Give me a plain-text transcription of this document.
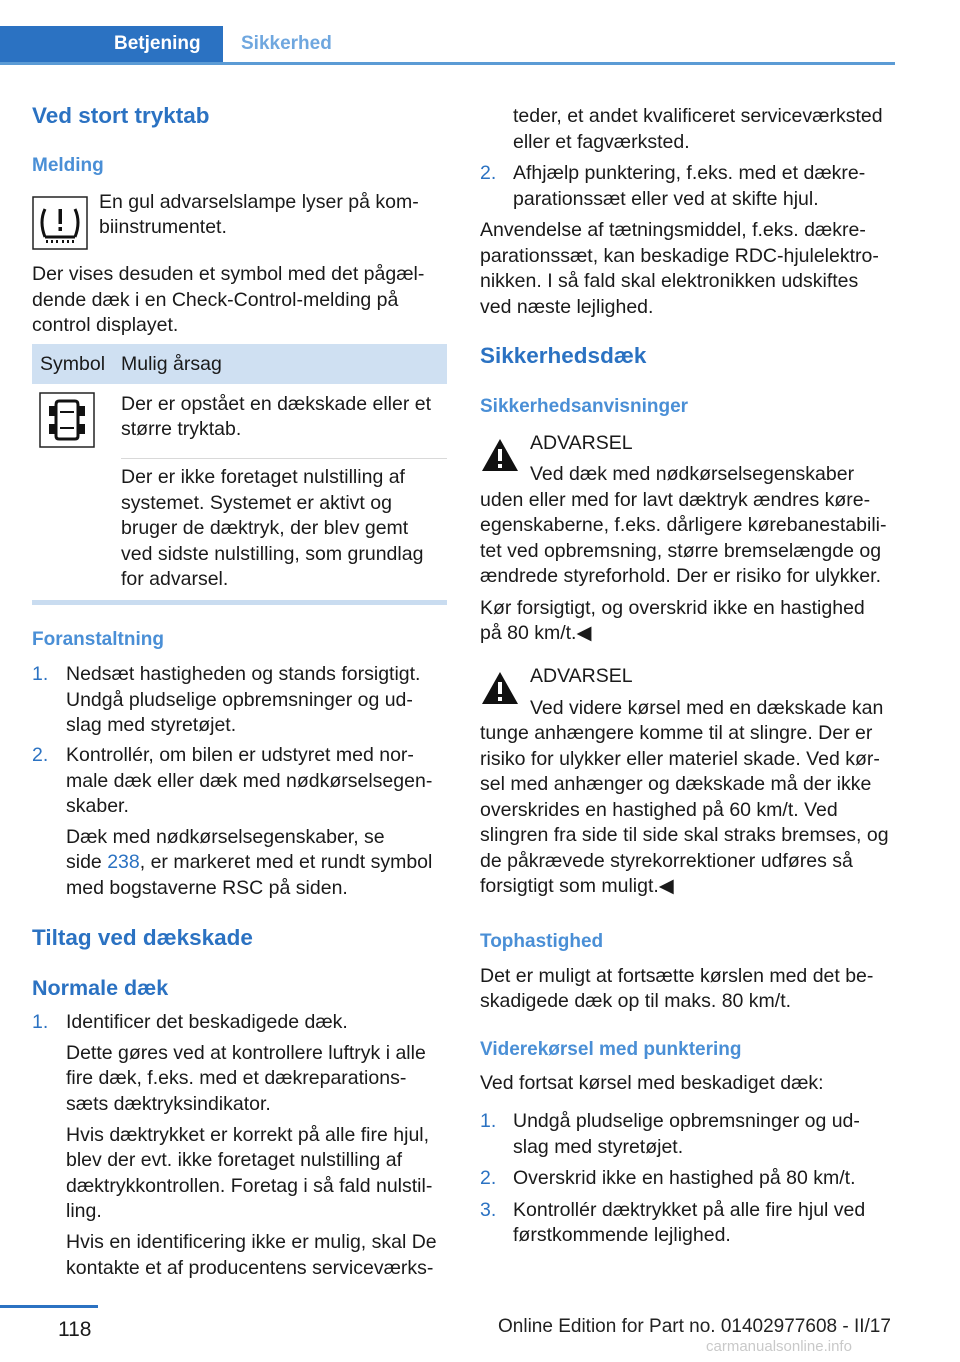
Betjening	Sikkerhed
Ved stort tryktab
Melding
En gul advarselslampe lyser på kom‐
biinstrumentet.
Der vises desuden et symbol med det pågæl‐
dende dæk i en Check-Control-melding på
control displayet.
Symbol Mulig årsag
Der er opstået en dækskade eller et
større tryktab.
Der er ikke foretaget nulstilling af
systemet. Systemet er aktivt og
bruger de dæktryk, der blev gemt
ved sidste nulstilling, som grundlag
for advarsel.
Foranstaltning
1. Nedsæt hastigheden og stands forsigtigt.
Undgå pludselige opbremsninger og ud‐
slag med styretøjet.
2. Kontrollér, om bilen er udstyret med nor‐
male dæk eller dæk med nødkørselsegen‐
skaber.
Dæk med nødkørselsegenskaber, se
side 238, er markeret med et rundt symbol
med bogstaverne RSC på siden.
Tiltag ved dækskade
Normale dæk
1. Identificer det beskadigede dæk.
Dette gøres ved at kontrollere luftryk i alle
fire dæk, f.eks. med et dækreparations‐
sæts dæktryksindikator.
Hvis dæktrykket er korrekt på alle fire hjul,
blev der evt. ikke foretaget nulstilling af
dæktrykkontrollen. Foretag i så fald nulstil‐
ling.
Hvis en identificering ikke er mulig, skal De
kontakte et af producentens serviceværks‐
teder, et andet kvalificeret serviceværksted
eller et fagværksted.
2. Afhjælp punktering, f.eks. med et dækre‐
parationssæt eller ved at skifte hjul.
Anvendelse af tætningsmiddel, f.eks. dækre‐
parationssæt, kan beskadige RDC-hjulelektro‐
nikken. I så fald skal elektronikken udskiftes
ved næste lejlighed.
Sikkerhedsdæk
Sikkerhedsanvisninger
ADVARSEL
Ved dæk med nødkørselsegenskaber
uden eller med for lavt dæktryk ændres køre‐
egenskaberne, f.eks. dårligere kørebanestabili‐
tet ved opbremsning, større bremselængde og
ændrede styreforhold. Der er risiko for ulykker.
Kør forsigtigt, og overskrid ikke en hastighed
på 80 km/t.◀
ADVARSEL
Ved videre kørsel med en dækskade kan
tunge anhængere komme til at slingre. Der er
risiko for ulykker eller materiel skade. Ved kør‐
sel med anhænger og dækskade må der ikke
overskrides en hastighed på 60 km/t. Ved
slingren fra side til side skal straks bremses, og
de påkrævede styrekorrektioner udføres så
forsigtigt som muligt.◀
Tophastighed
Det er muligt at fortsætte kørslen med det be‐
skadigede dæk op til maks. 80 km/t.
Viderekørsel med punktering
Ved fortsat kørsel med beskadiget dæk:
1. Undgå pludselige opbremsninger og ud‐
slag med styretøjet.
2. Overskrid ikke en hastighed på 80 km/t.
3. Kontrollér dæktrykket på alle fire hjul ved
førstkommende lejlighed.
118	Online Edition for Part no. 01402977608 - II/17
carmanualsonline.info
